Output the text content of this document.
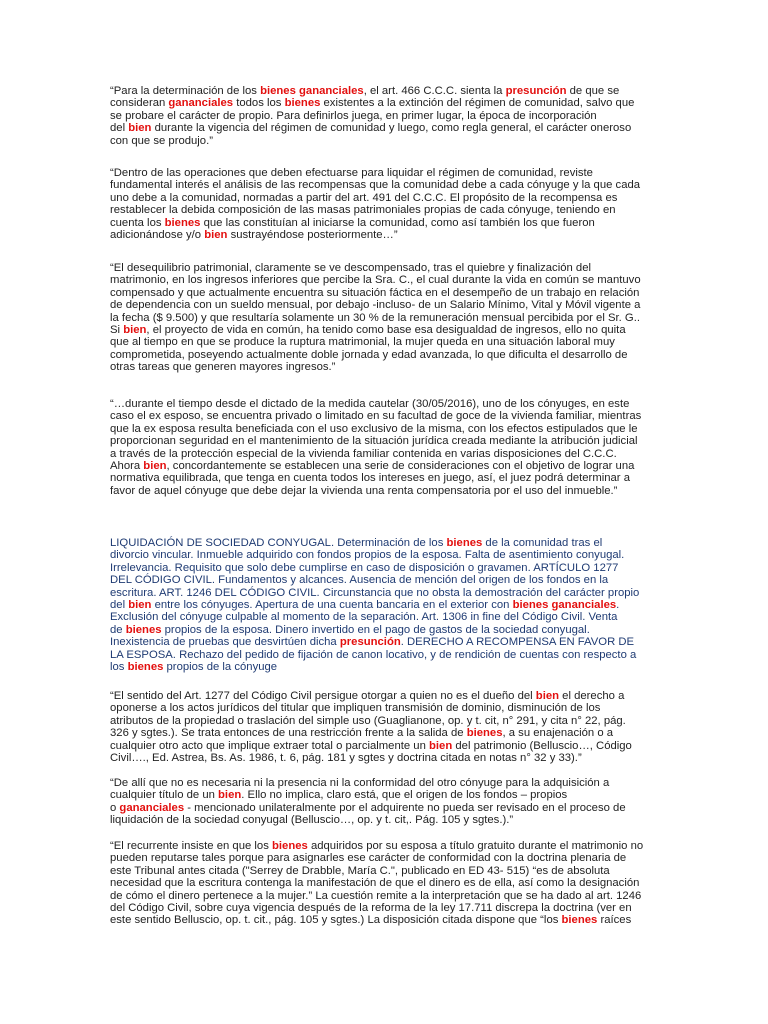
“Para la determinación de los bienes gananciales, el art. 466 C.C.C. sienta la presunción de que se
consideran gananciales todos los bienes existentes a la extinción del régimen de comunidad, salvo que
se probare el carácter de propio. Para definirlos juega, en primer lugar, la época de incorporación
del bien durante la vigencia del régimen de comunidad y luego, como regla general, el carácter oneroso
con que se produjo.”
“Dentro de las operaciones que deben efectuarse para liquidar el régimen de comunidad, reviste
fundamental interés el análisis de las recompensas que la comunidad debe a cada cónyuge y la que cada
uno debe a la comunidad, normadas a partir del art. 491 del C.C.C. El propósito de la recompensa es
restablecer la debida composición de las masas patrimoniales propias de cada cónyuge, teniendo en
cuenta los bienes que las constituían al iniciarse la comunidad, como así también los que fueron
adicionándose y/o bien sustrayéndose posteriormente…”
“El desequilibrio patrimonial, claramente se ve descompensado, tras el quiebre y finalización del
matrimonio, en los ingresos inferiores que percibe la Sra. C., el cual durante la vida en común se mantuvo
compensado y que actualmente encuentra su situación fáctica en el desempeño de un trabajo en relación
de dependencia con un sueldo mensual, por debajo -incluso- de un Salario Mínimo, Vital y Móvil vigente a
la fecha ($ 9.500) y que resultaría solamente un 30 % de la remuneración mensual percibida por el Sr. G..
Si bien, el proyecto de vida en común, ha tenido como base esa desigualdad de ingresos, ello no quita
que al tiempo en que se produce la ruptura matrimonial, la mujer queda en una situación laboral muy
comprometida, poseyendo actualmente doble jornada y edad avanzada, lo que dificulta el desarrollo de
otras tareas que generen mayores ingresos.”
“…durante el tiempo desde el dictado de la medida cautelar (30/05/2016), uno de los cónyuges, en este
caso el ex esposo, se encuentra privado o limitado en su facultad de goce de la vivienda familiar, mientras
que la ex esposa resulta beneficiada con el uso exclusivo de la misma, con los efectos estipulados que le
proporcionan seguridad en el mantenimiento de la situación jurídica creada mediante la atribución judicial
a través de la protección especial de la vivienda familiar contenida en varias disposiciones del C.C.C.
Ahora bien, concordantemente se establecen una serie de consideraciones con el objetivo de lograr una
normativa equilibrada, que tenga en cuenta todos los intereses en juego, así, el juez podrá determinar a
favor de aquel cónyuge que debe dejar la vivienda una renta compensatoria por el uso del inmueble.”
LIQUIDACIÓN DE SOCIEDAD CONYUGAL. Determinación de los bienes de la comunidad tras el
divorcio vincular. Inmueble adquirido con fondos propios de la esposa. Falta de asentimiento conyugal.
Irrelevancia. Requisito que solo debe cumplirse en caso de disposición o gravamen. ARTÍCULO 1277
DEL CÓDIGO CIVIL. Fundamentos y alcances. Ausencia de mención del origen de los fondos en la
escritura. ART. 1246 DEL CÓDIGO CIVIL. Circunstancia que no obsta la demostración del carácter propio
del bien entre los cónyuges. Apertura de una cuenta bancaria en el exterior con bienes gananciales.
Exclusión del cónyuge culpable al momento de la separación. Art. 1306 in fine del Código Civil. Venta
de bienes propios de la esposa. Dinero invertido en el pago de gastos de la sociedad conyugal.
Inexistencia de pruebas que desvirtúen dicha presunción. DERECHO A RECOMPENSA EN FAVOR DE
LA ESPOSA. Rechazo del pedido de fijación de canon locativo, y de rendición de cuentas con respecto a
los bienes propios de la cónyuge
“El sentido del Art. 1277 del Código Civil persigue otorgar a quien no es el dueño del bien el derecho a
oponerse a los actos jurídicos del titular que impliquen transmisión de dominio, disminución de los
atributos de la propiedad o traslación del simple uso (Guaglianone, op. y t. cit, n° 291, y cita n° 22, pág.
326 y sgtes.). Se trata entonces de una restricción frente a la salida de bienes, a su enajenación o a
cualquier otro acto que implique extraer total o parcialmente un bien del patrimonio (Belluscio…, Código
Civil…., Ed. Astrea, Bs. As. 1986, t. 6, pág. 181 y sgtes y doctrina citada en notas n° 32 y 33).”
“De allí que no es necesaria ni la presencia ni la conformidad del otro cónyuge para la adquisición a
cualquier título de un bien. Ello no implica, claro está, que el origen de los fondos – propios
o gananciales - mencionado unilateralmente por el adquirente no pueda ser revisado en el proceso de
liquidación de la sociedad conyugal (Belluscio…, op. y t. cit,. Pág. 105 y sgtes.).”
“El recurrente insiste en que los bienes adquiridos por su esposa a título gratuito durante el matrimonio no
pueden reputarse tales porque para asignarles ese carácter de conformidad con la doctrina plenaria de
este Tribunal antes citada ("Serrey de Drabble, María C.", publicado en ED 43- 515) “es de absoluta
necesidad que la escritura contenga la manifestación de que el dinero es de ella, así como la designación
de cómo el dinero pertenece a la mujer.” La cuestión remite a la interpretación que se ha dado al art. 1246
del Código Civil, sobre cuya vigencia después de la reforma de la ley 17.711 discrepa la doctrina (ver en
este sentido Belluscio, op. t. cit., pág. 105 y sgtes.) La disposición citada dispone que “los bienes raíces
